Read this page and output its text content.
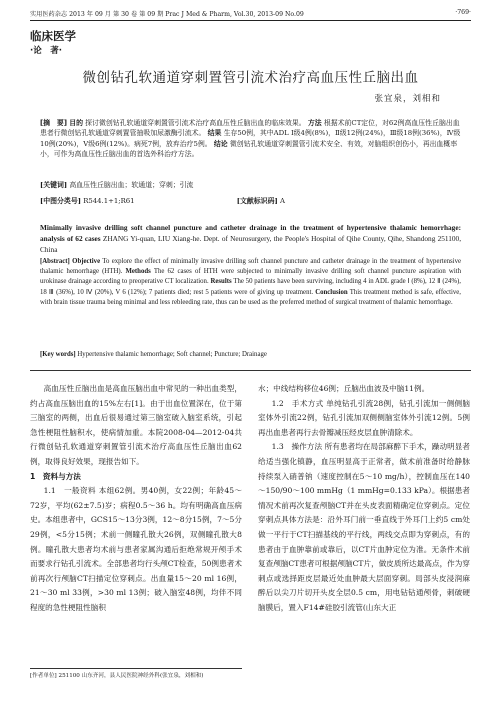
实用医药杂志 2013 年 09 月 第 30 卷 第 09 期 Prac J Med & Pharm, Vol.30, 2013-09 No.09	·769·
临床医学
·论　著·
微创钻孔软通道穿刺置管引流术治疗高血压性丘脑出血
张宜泉，刘相和
[摘　要] 目的 探讨微创钻孔软通道穿刺置管引流术治疗高血压性丘脑出血的临床效果。 方法 根据术前CT定位，对62例高血压性丘脑出血患者行微创钻孔软通道穿刺置管抽吸加尿激酶引流术。 结果 生存50例，其中ADL Ⅰ级4例(8%)，Ⅱ级12例(24%)，Ⅲ级18例(36%)，Ⅳ级10例(20%)，Ⅴ级6例(12%)。病死7例，放弃治疗5例。 结论 微创钻孔软通道穿刺置管引流术安全、有效，对脑组织创伤小，再出血概率小，可作为高血压性丘脑出血的首选外科治疗方法。
[关键词] 高血压性丘脑出血；软通道；穿刺；引流
[中图分类号] R544.1+1;R61	[文献标识码] A
Minimally invasive drilling soft channel puncture and catheter drainage in the treatment of hypertensive thalamic hemorrhage: analysis of 62 cases ZHANG Yi-quan, LIU Xiang-he. Dept. of Neurosurgery, the People's Hospital of Qihe County, Qihe, Shandong 251100, China
[Abstract] Objective To explore the effect of minimally invasive drilling soft channel puncture and catheter drainage in the treatment of hypertensive thalamic hemorrhage (HTH). Methods The 62 cases of HTH were subjected to minimally invasive drilling soft channel puncture aspiration with urokinase drainage according to preoperative CT localization. Results The 50 patients have been surviving, including 4 in ADL grade Ⅰ (8%), 12 Ⅱ (24%), 18 Ⅲ (36%), 10 Ⅳ (20%), V 6 (12%); 7 patients died; rest 5 patients were of giving up treatment. Conclusion This treatment method is safe, effective, with brain tissue trauma being minimal and less rebleeding rate, thus can be used as the preferred method of surgical treatment of thalamic hemorrhage.
[Key words] Hypertensive thalamic hemorrhage; Soft channel; Puncture; Drainage

高血压性丘脑出血是高血压脑出血中常见的一种出血类型，约占高血压脑出血的15%左右[1]。由于出血位置深在，位于第三脑室的两侧，出血后很易通过第三脑室破入脑室系统，引起急性梗阻性脑积水，使病情加重。本院2008-04—2012-04共行微创钻孔软通道穿刺置管引流术治疗高血压性丘脑出血62例，取得良好效果，现报告如下。

1　资料与方法

1.1　一般资料 本组62例。男40例，女22例；年龄45～72岁，平均(62±7.5)岁；病程0.5～36 h。均有明确高血压病史。本组患者中，GCS15～13分3例，12～8分15例，7～5分29例，<5分15例；术前一侧瞳孔散大26例，双侧瞳孔散大8例。瞳孔散大患者均术前与患者家属沟通后拒绝常规开颅手术而要求行钻孔引流术。全部患者均行头颅CT检查，50例患者术前再次行颅脑CT扫描定位穿刺点。出血量15～20 ml 16例，21～30 ml 33例，>30 ml 13例；破入脑室48例，均伴不同程度的急性梗阻性脑积

水；中线结构移位46例；丘脑出血波及中脑11例。

1.2　手术方式 单纯钻孔引流28例，钻孔引流加一侧侧脑室体外引流22例，钻孔引流加双侧侧脑室体外引流12例。5例再出血患者再行去骨瓣减压经皮层血肿清除术。

1.3　操作方法 所有患者均在局部麻醉下手术，躁动明显者给适当强化镇静，血压明显高于正常者，做术前准备时给静脉持续泵入硝普钠（速度控制在5～10 mg/h），控制血压在140～150/90～100 mmHg（1 mmHg=0.133 kPa）。根据患者情况术前再次复查颅脑CT并在头皮表面精确定位穿刺点。定位穿刺点具体方法是：沿外耳门前一垂直线于外耳门上约5 cm处做一平行于CT扫描基线的平行线，两线交点即为穿刺点，有的患者由于血肿靠前或靠后，以CT片血肿定位为准。无条件术前复查颅脑CT患者可根据颅脑CT片，做皮质所达最高点，作为穿刺点或选择距皮层最近处血肿最大层面穿刺。局部头皮浸润麻醉后以尖刀片切开头皮全层0.5 cm，用电钻钻通颅骨，刺破硬脑膜后，置入F14#硅胶引流管(山东大正

[作者单位] 251100 山东齐河，县人民医院神经外科(张宜泉，刘相和)
